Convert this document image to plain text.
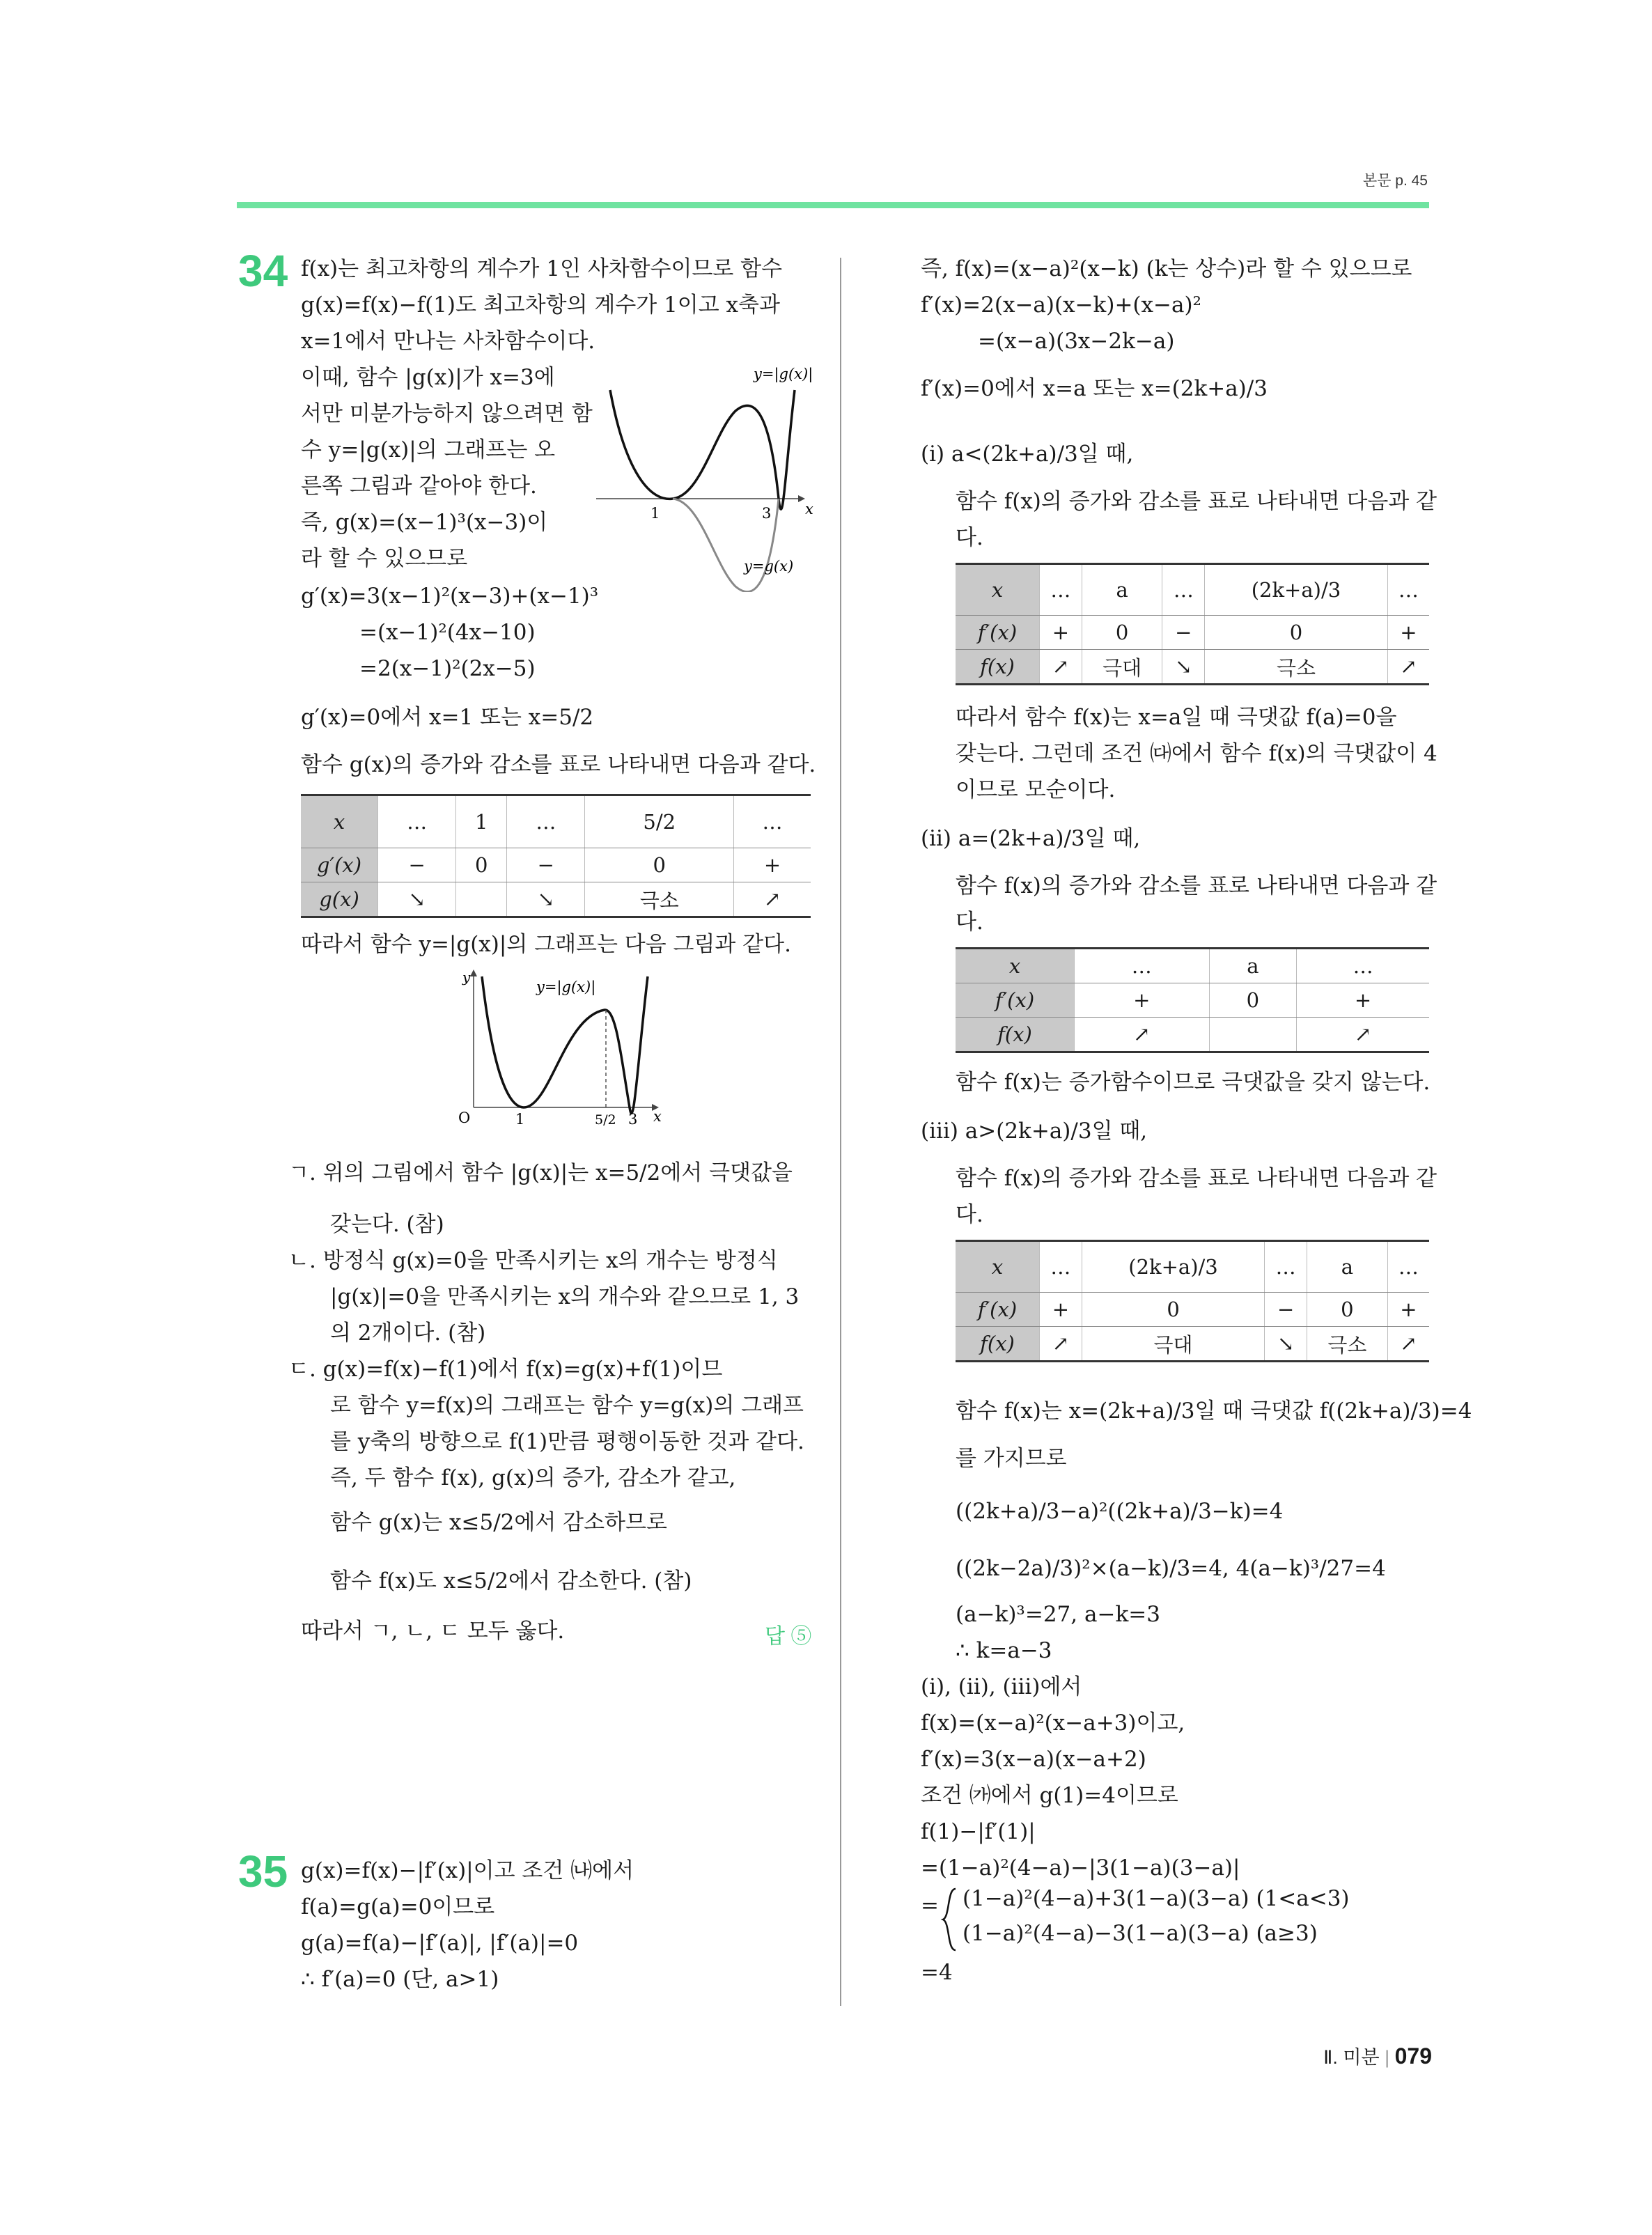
본문 p. 45
34 f(x)는 최고차항의 계수가 1인 사차함수이므로 함수
g(x)=f(x)−f(1)도 최고차항의 계수가 1이고 x축과
x=1에서 만나는 사차함수이다.
이때, 함수 |g(x)|가 x=3에
서만 미분가능하지 않으려면 함
수 y=|g(x)|의 그래프는 오
른쪽 그림과 같아야 한다.
즉, g(x)=(x−1)³(x−3)이
라 할 수 있으므로
g′(x)=3(x−1)²(x−3)+(x−1)³
=(x−1)²(4x−10)
=2(x−1)²(2x−5)
g′(x)=0에서 x=1 또는 x=5/2
함수 g(x)의 증가와 감소를 표로 나타내면 다음과 같다.
y=|g(x)|
y=g(x)
1	3 x
x	…	1	…	5/2	…
g′(x)	−	0	−	0	+
g(x)	↘		↘	극소	↗
따라서 함수 y=|g(x)|의 그래프는 다음 그림과 같다.
y
y=|g(x)|
O	1	5/2 3 x
ㄱ. 위의 그림에서 함수 |g(x)|는 x=5/2에서 극댓값을
갖는다. (참)
ㄴ. 방정식 g(x)=0을 만족시키는 x의 개수는 방정식
|g(x)|=0을 만족시키는 x의 개수와 같으므로 1, 3
의 2개이다. (참)
ㄷ. g(x)=f(x)−f(1)에서 f(x)=g(x)+f(1)이므
로 함수 y=f(x)의 그래프는 함수 y=g(x)의 그래프
를 y축의 방향으로 f(1)만큼 평행이동한 것과 같다.
즉, 두 함수 f(x), g(x)의 증가, 감소가 같고,
함수 g(x)는 x≤5/2에서 감소하므로
함수 f(x)도 x≤5/2에서 감소한다. (참)
따라서 ㄱ, ㄴ, ㄷ 모두 옳다.	답 ⑤
35 g(x)=f(x)−|f′(x)|이고 조건 ㈏에서
f(a)=g(a)=0이므로
g(a)=f(a)−|f′(a)|, |f′(a)|=0
∴ f′(a)=0 (단, a>1)
즉, f(x)=(x−a)²(x−k) (k는 상수)라 할 수 있으므로
f′(x)=2(x−a)(x−k)+(x−a)²
=(x−a)(3x−2k−a)
f′(x)=0에서 x=a 또는 x=(2k+a)/3
(ⅰ) a<(2k+a)/3일 때,
함수 f(x)의 증가와 감소를 표로 나타내면 다음과 같
다.
x	…	a	…	(2k+a)/3	…
f′(x)	+	0	−	0	+
f(x)	↗	극대	↘	극소	↗
따라서 함수 f(x)는 x=a일 때 극댓값 f(a)=0을
갖는다. 그런데 조건 ㈐에서 함수 f(x)의 극댓값이 4
이므로 모순이다.
(ⅱ) a=(2k+a)/3일 때,
함수 f(x)의 증가와 감소를 표로 나타내면 다음과 같
다.
x	…	a	…
f′(x)	+	0	+
f(x)	↗		↗
함수 f(x)는 증가함수이므로 극댓값을 갖지 않는다.
(ⅲ) a>(2k+a)/3일 때,
함수 f(x)의 증가와 감소를 표로 나타내면 다음과 같
다.
x	…	(2k+a)/3	…	a	…
f′(x)	+	0	−	0	+
f(x)	↗	극대	↘	극소	↗
함수 f(x)는 x=(2k+a)/3일 때 극댓값 f((2k+a)/3)=4
를 가지므로
((2k+a)/3−a)²((2k+a)/3−k)=4
((2k−2a)/3)²×(a−k)/3=4, 4(a−k)³/27=4
(a−k)³=27, a−k=3
∴ k=a−3
(ⅰ), (ⅱ), (ⅲ)에서
f(x)=(x−a)²(x−a+3)이고,
f′(x)=3(x−a)(x−a+2)
조건 ㈎에서 g(1)=4이므로
f(1)−|f′(1)|
=(1−a)²(4−a)−|3(1−a)(3−a)|
= (1−a)²(4−a)+3(1−a)(3−a) (1<a<3)
(1−a)²(4−a)−3(1−a)(3−a) (a≥3)
=4
Ⅱ. 미분 | 079
